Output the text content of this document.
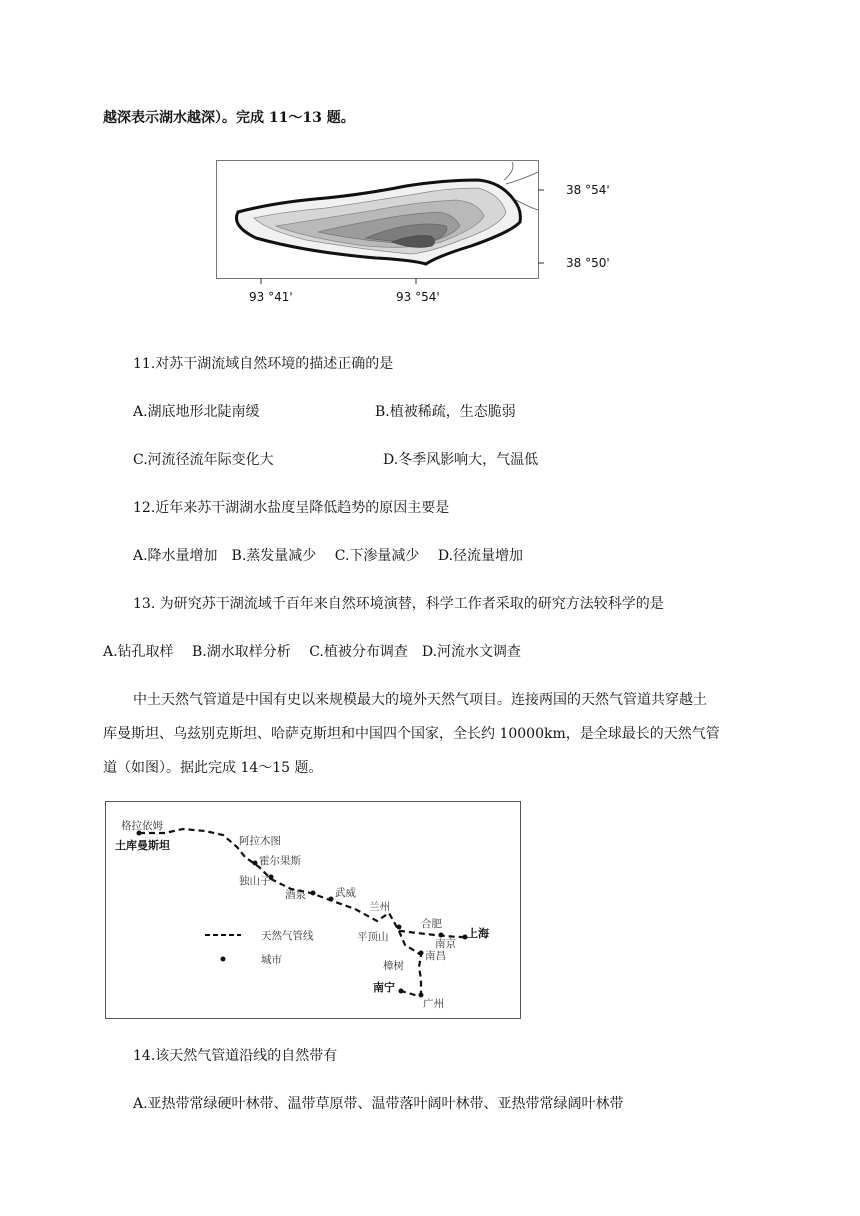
越深表示湖水越深）。完成 11～13 题。
38 °54'
38 °50'
93 °41'	93 °54'
11.对苏干湖流域自然环境的描述正确的是
A.湖底地形北陡南缓	B.植被稀疏，生态脆弱
C.河流径流年际变化大	D.冬季风影响大，气温低
12.近年来苏干湖湖水盐度呈降低趋势的原因主要是
A.降水量增加　B.蒸发量减少　 C.下渗量减少　 D.径流量增加
13. 为研究苏干湖流域千百年来自然环境演替，科学工作者采取的研究方法较科学的是
A.钻孔取样　 B.湖水取样分析　 C.植被分布调查　D.河流水文调查
中土天然气管道是中国有史以来规模最大的境外天然气项目。连接两国的天然气管道共穿越土
库曼斯坦、乌兹别克斯坦、哈萨克斯坦和中国四个国家，全长约 10000km，是全球最长的天然气管
道（如图）。据此完成 14～15 题。
格拉依姆
土库曼斯坦	阿拉木图
霍尔果斯
独山子
酒泉	武威
兰州
合肥
上海
平顶山
南京
南昌
樟树
南宁
广州
天然气管线
城市
14.该天然气管道沿线的自然带有
A.亚热带常绿硬叶林带、温带草原带、温带落叶阔叶林带、亚热带常绿阔叶林带
